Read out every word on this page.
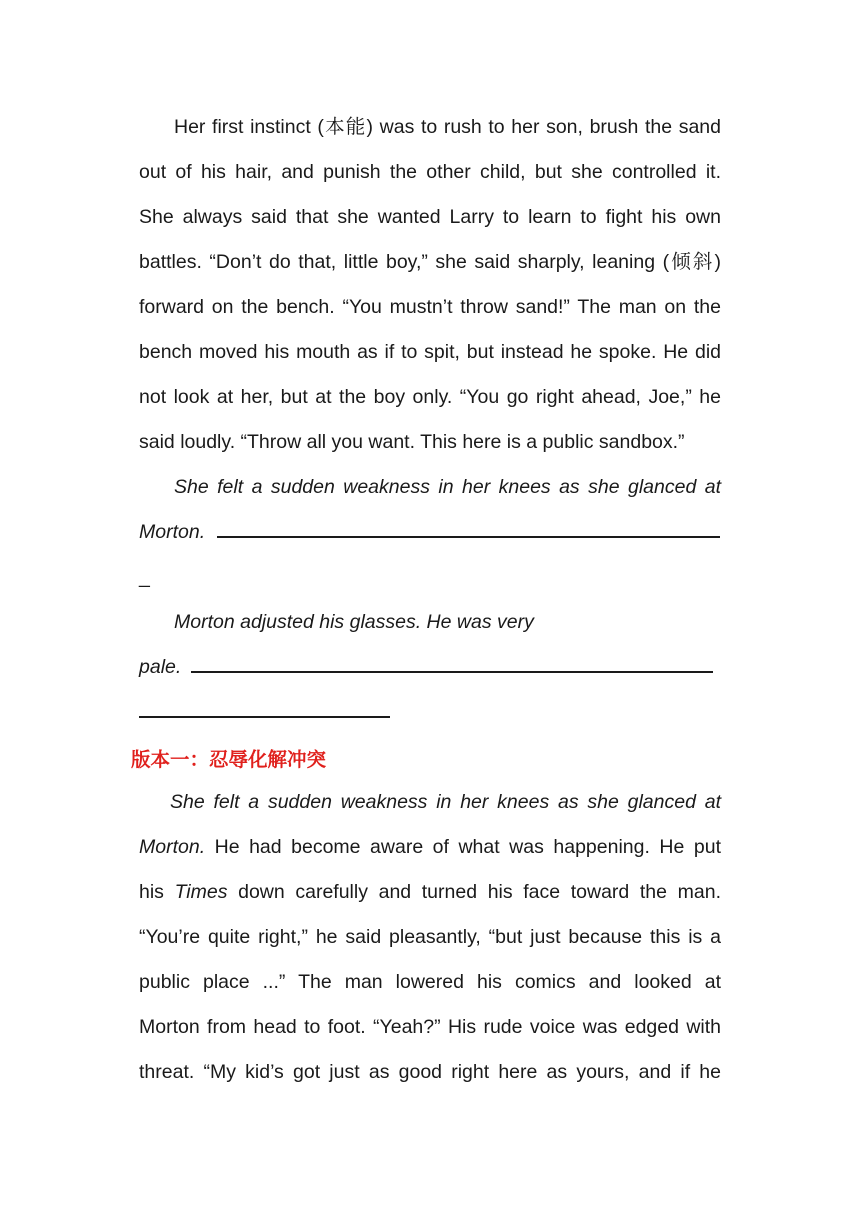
Her first instinct (本能) was to rush to her son, brush the sand
out of his hair, and punish the other child, but she controlled it.
She always said that she wanted Larry to learn to fight his own
battles. “Don’t do that, little boy,” she said sharply, leaning (倾斜)
forward on the bench. “You mustn’t throw sand!” The man on the
bench moved his mouth as if to spit, but instead he spoke. He did
not look at her, but at the boy only. “You go right ahead, Joe,” he
said loudly. “Throw all you want. This here is a public sandbox.”
She felt a sudden weakness in her knees as she glanced at
Morton.
_
Morton adjusted his glasses. He was very
pale.
版本一：忍辱化解冲突
She felt a sudden weakness in her knees as she glanced at
Morton. He had become aware of what was happening. He put
his Times down carefully and turned his face toward the man.
“You’re quite right,” he said pleasantly, “but just because this is a
public place ...” The man lowered his comics and looked at
Morton from head to foot. “Yeah?” His rude voice was edged with
threat. “My kid’s got just as good right here as yours, and if he
